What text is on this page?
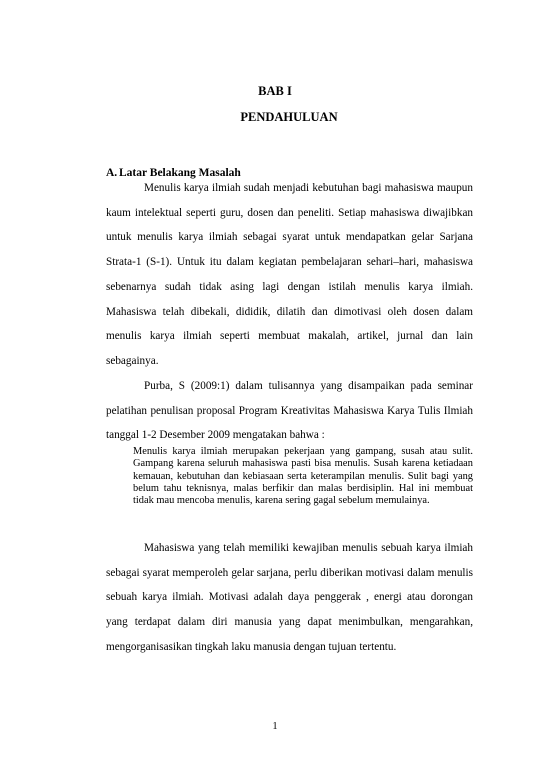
BAB I
PENDAHULUAN
A. Latar Belakang Masalah

Menulis karya ilmiah sudah menjadi kebutuhan bagi mahasiswa maupun kaum intelektual seperti guru, dosen dan peneliti. Setiap mahasiswa diwajibkan untuk menulis karya ilmiah sebagai syarat untuk mendapatkan gelar Sarjana Strata-1 (S-1). Untuk itu dalam kegiatan pembelajaran sehari–hari, mahasiswa sebenarnya sudah tidak asing lagi dengan istilah menulis karya ilmiah. Mahasiswa telah dibekali, dididik, dilatih dan dimotivasi oleh dosen dalam menulis karya ilmiah seperti membuat makalah, artikel, jurnal dan lain sebagainya.

Purba, S (2009:1) dalam tulisannya yang disampaikan pada seminar pelatihan penulisan proposal Program Kreativitas Mahasiswa Karya Tulis Ilmiah tanggal 1-2 Desember 2009 mengatakan bahwa :

Menulis karya ilmiah merupakan pekerjaan yang gampang, susah atau sulit. Gampang karena seluruh mahasiswa pasti bisa menulis. Susah karena ketiadaan kemauan, kebutuhan dan kebiasaan serta keterampilan menulis. Sulit bagi yang belum tahu teknisnya, malas berfikir dan malas berdisiplin. Hal ini membuat tidak mau mencoba menulis, karena sering gagal sebelum memulainya.

Mahasiswa yang telah memiliki kewajiban menulis sebuah karya ilmiah sebagai syarat memperoleh gelar sarjana, perlu diberikan motivasi dalam menulis sebuah karya ilmiah. Motivasi adalah daya penggerak , energi atau dorongan yang terdapat dalam diri manusia yang dapat menimbulkan, mengarahkan, mengorganisasikan tingkah laku manusia dengan tujuan tertentu.

1
